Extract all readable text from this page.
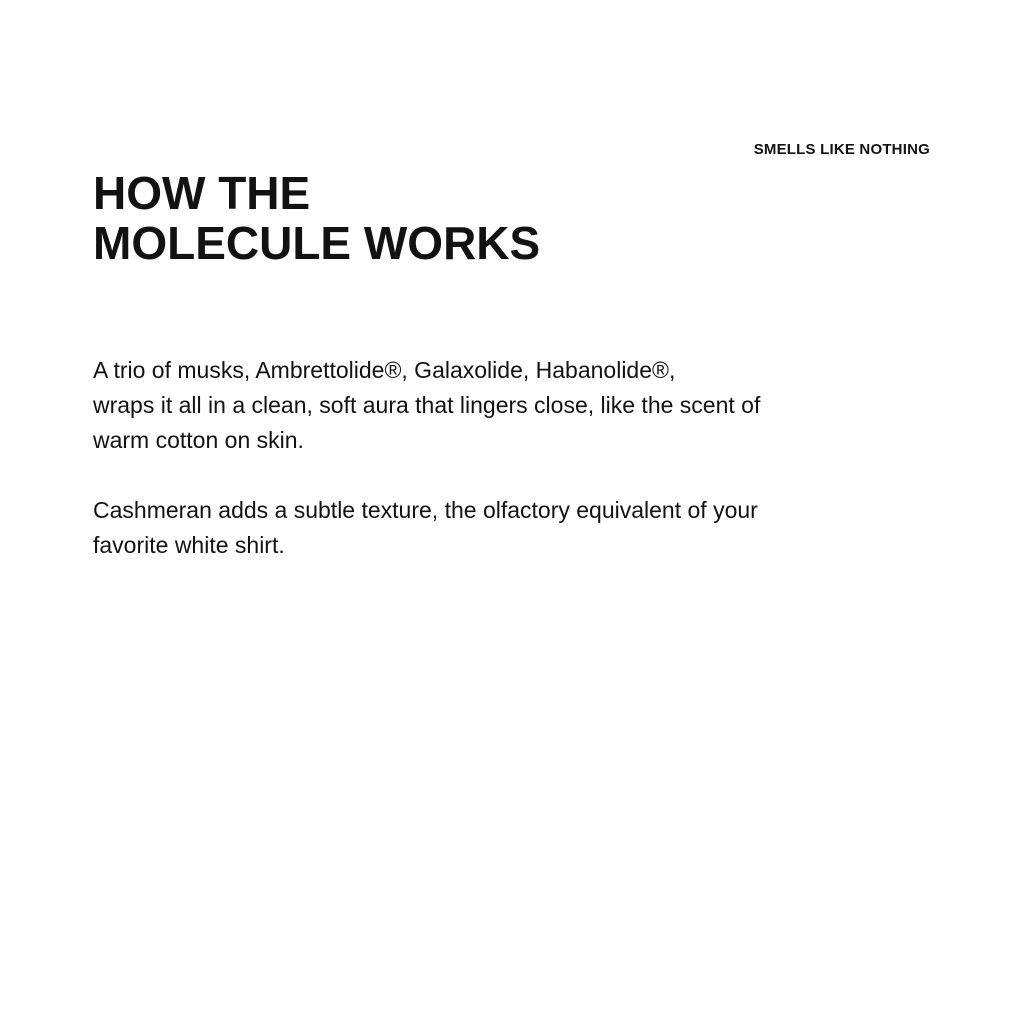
HOW THE
MOLECULE WORKS
SMELLS LIKE NOTHING

A trio of musks, Ambrettolide®, Galaxolide, Habanolide®,
wraps it all in a clean, soft aura that lingers close, like the scent of
warm cotton on skin.

Cashmeran adds a subtle texture, the olfactory equivalent of your
favorite white shirt.
